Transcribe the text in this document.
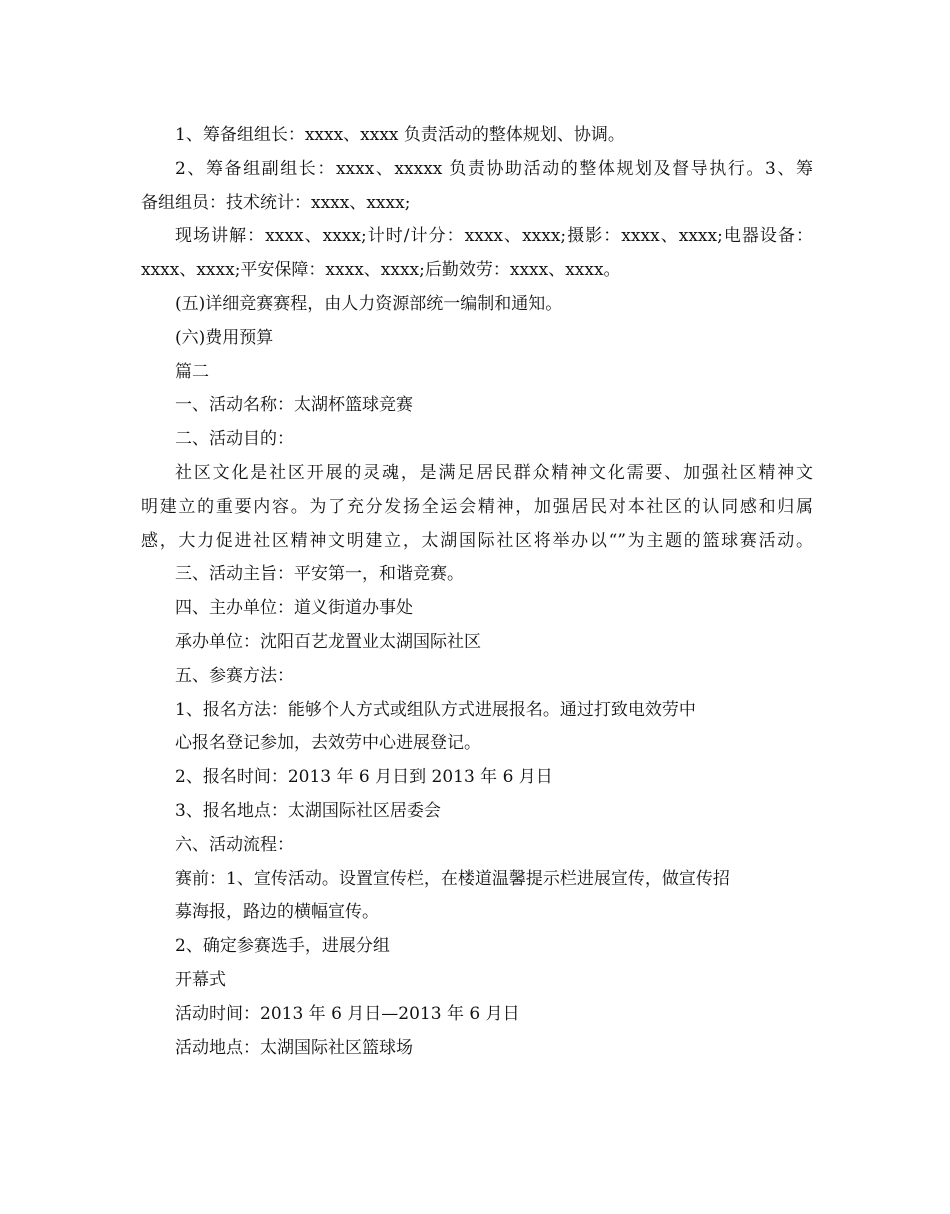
1、筹备组组长：xxxx、xxxx 负责活动的整体规划、协调。
2、筹备组副组长：xxxx、xxxxx 负责协助活动的整体规划及督导执行。3、筹
备组组员：技术统计：xxxx、xxxx;
现场讲解：xxxx、xxxx;计时/计分：xxxx、xxxx;摄影：xxxx、xxxx;电器设备：
xxxx、xxxx;平安保障：xxxx、xxxx;后勤效劳：xxxx、xxxx。
(五)详细竞赛赛程，由人力资源部统一编制和通知。
(六)费用预算
篇二
一、活动名称：太湖杯篮球竞赛
二、活动目的：
社区文化是社区开展的灵魂，是满足居民群众精神文化需要、加强社区精神文
明建立的重要内容。为了充分发扬全运会精神，加强居民对本社区的认同感和归属
感，大力促进社区精神文明建立，太湖国际社区将举办以“”为主题的篮球赛活动。
三、活动主旨：平安第一，和谐竞赛。
四、主办单位：道义街道办事处
承办单位：沈阳百艺龙置业太湖国际社区
五、参赛方法：
1、报名方法：能够个人方式或组队方式进展报名。通过打致电效劳中
心报名登记参加，去效劳中心进展登记。
2、报名时间：2013 年 6 月日到 2013 年 6 月日
3、报名地点：太湖国际社区居委会
六、活动流程：
赛前：1、宣传活动。设置宣传栏，在楼道温馨提示栏进展宣传，做宣传招
募海报，路边的横幅宣传。
2、确定参赛选手，进展分组
开幕式
活动时间：2013 年 6 月日—2013 年 6 月日
活动地点：太湖国际社区篮球场
